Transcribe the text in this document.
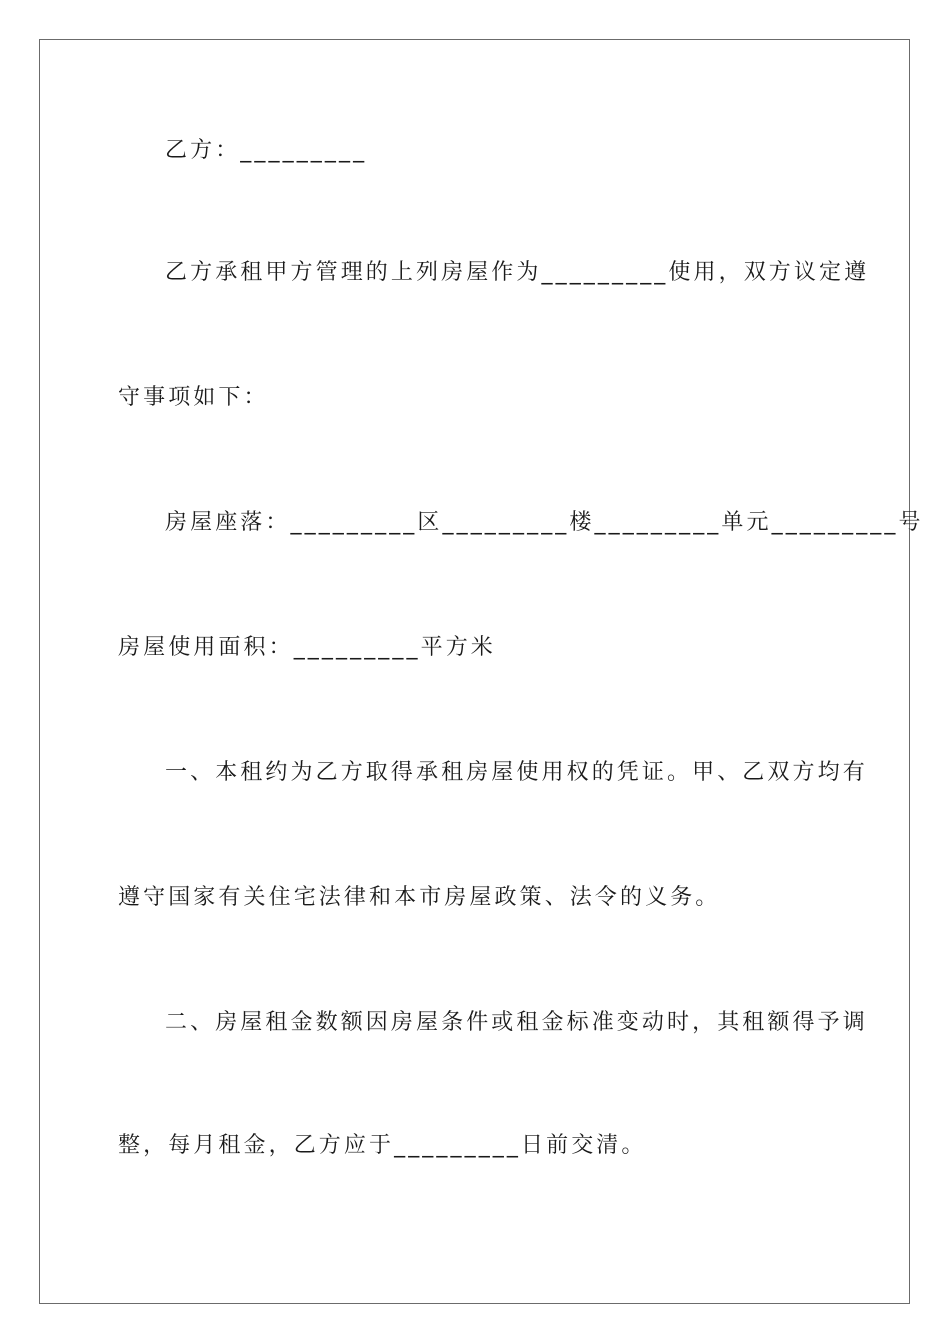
乙方：_________
乙方承租甲方管理的上列房屋作为_________使用，双方议定遵
守事项如下：
房屋座落：_________区_________楼_________单元_________号
房屋使用面积：_________平方米
一、本租约为乙方取得承租房屋使用权的凭证。甲、乙双方均有
遵守国家有关住宅法律和本市房屋政策、法令的义务。
二、房屋租金数额因房屋条件或租金标准变动时，其租额得予调
整，每月租金，乙方应于_________日前交清。
